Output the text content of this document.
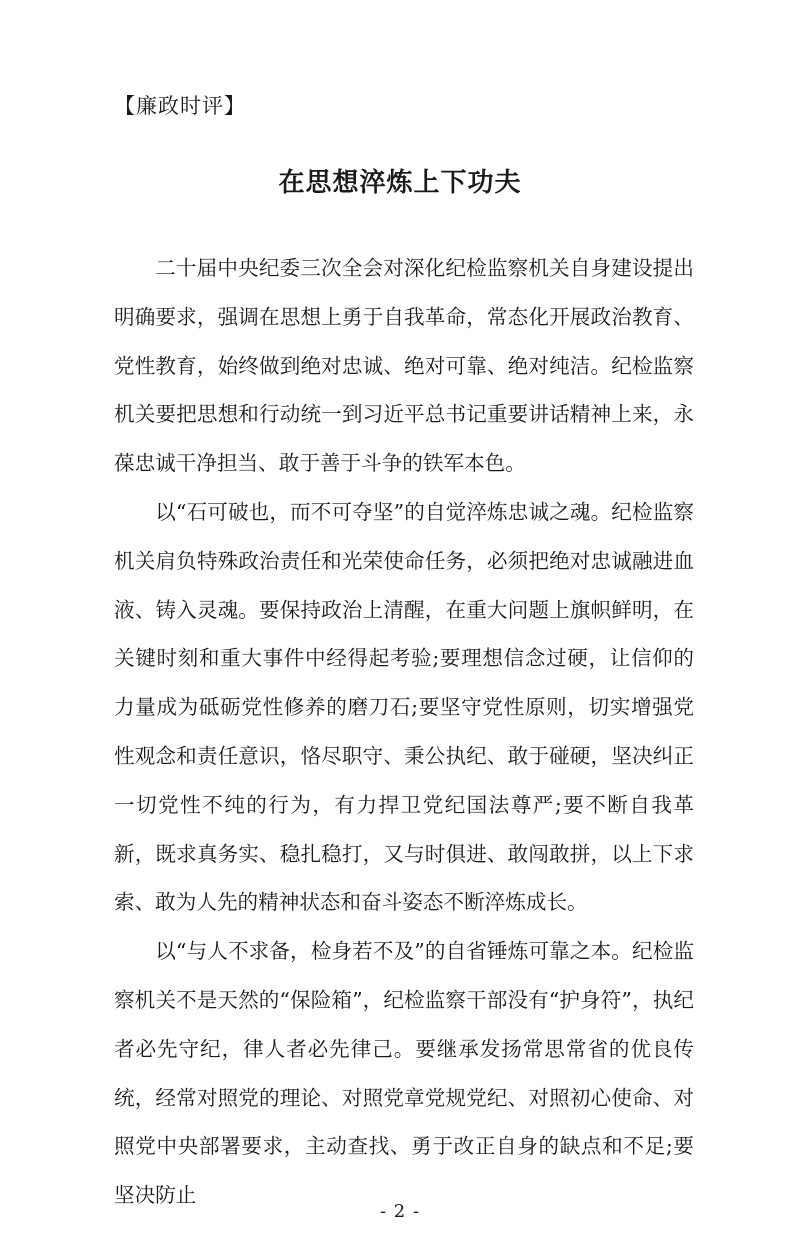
【廉政时评】
在思想淬炼上下功夫

二十届中央纪委三次全会对深化纪检监察机关自身建设提出明确要求，强调在思想上勇于自我革命，常态化开展政治教育、党性教育，始终做到绝对忠诚、绝对可靠、绝对纯洁。纪检监察机关要把思想和行动统一到习近平总书记重要讲话精神上来，永葆忠诚干净担当、敢于善于斗争的铁军本色。

以“石可破也，而不可夺坚”的自觉淬炼忠诚之魂。纪检监察机关肩负特殊政治责任和光荣使命任务，必须把绝对忠诚融进血液、铸入灵魂。要保持政治上清醒，在重大问题上旗帜鲜明，在关键时刻和重大事件中经得起考验;要理想信念过硬，让信仰的力量成为砥砺党性修养的磨刀石;要坚守党性原则，切实增强党性观念和责任意识，恪尽职守、秉公执纪、敢于碰硬，坚决纠正一切党性不纯的行为，有力捍卫党纪国法尊严;要不断自我革新，既求真务实、稳扎稳打，又与时俱进、敢闯敢拼，以上下求索、敢为人先的精神状态和奋斗姿态不断淬炼成长。

以“与人不求备，检身若不及”的自省锤炼可靠之本。纪检监察机关不是天然的“保险箱”，纪检监察干部没有“护身符”，执纪者必先守纪，律人者必先律己。要继承发扬常思常省的优良传统，经常对照党的理论、对照党章党规党纪、对照初心使命、对照党中央部署要求，主动查找、勇于改正自身的缺点和不足;要坚决防止

- 2 -
